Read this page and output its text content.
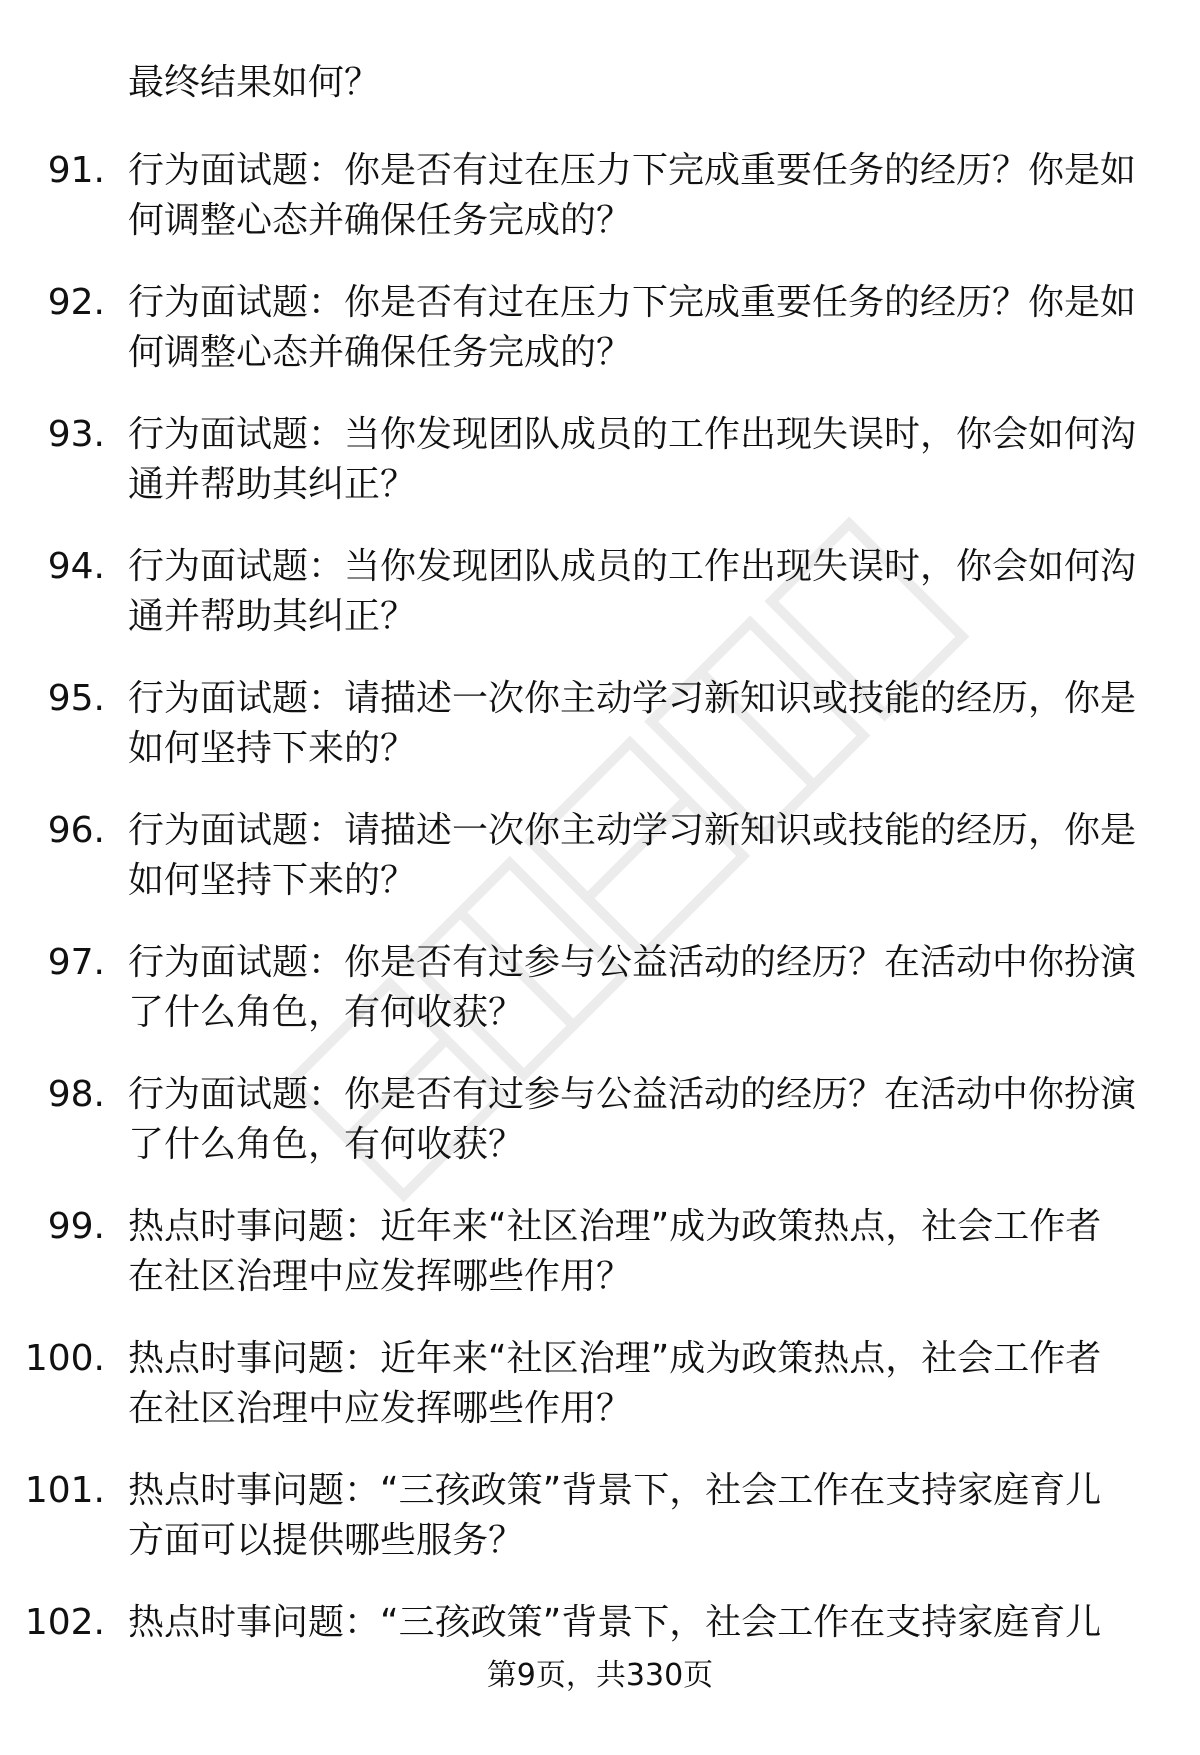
最终结果如何？
91. 行为面试题：你是否有过在压力下完成重要任务的经历？你是如
何调整心态并确保任务完成的？
92. 行为面试题：你是否有过在压力下完成重要任务的经历？你是如
何调整心态并确保任务完成的？
93. 行为面试题：当你发现团队成员的工作出现失误时，你会如何沟
通并帮助其纠正？
94. 行为面试题：当你发现团队成员的工作出现失误时，你会如何沟
通并帮助其纠正？
95. 行为面试题：请描述一次你主动学习新知识或技能的经历，你是
如何坚持下来的？
96. 行为面试题：请描述一次你主动学习新知识或技能的经历，你是
如何坚持下来的？
97. 行为面试题：你是否有过参与公益活动的经历？在活动中你扮演
了什么角色，有何收获？
98. 行为面试题：你是否有过参与公益活动的经历？在活动中你扮演
了什么角色，有何收获？
99. 热点时事问题：近年来“社区治理”成为政策热点，社会工作者
在社区治理中应发挥哪些作用？
100. 热点时事问题：近年来“社区治理”成为政策热点，社会工作者
在社区治理中应发挥哪些作用？
101. 热点时事问题：“三孩政策”背景下，社会工作在支持家庭育儿
方面可以提供哪些服务？
102. 热点时事问题：“三孩政策”背景下，社会工作在支持家庭育儿
第9页，共330页
